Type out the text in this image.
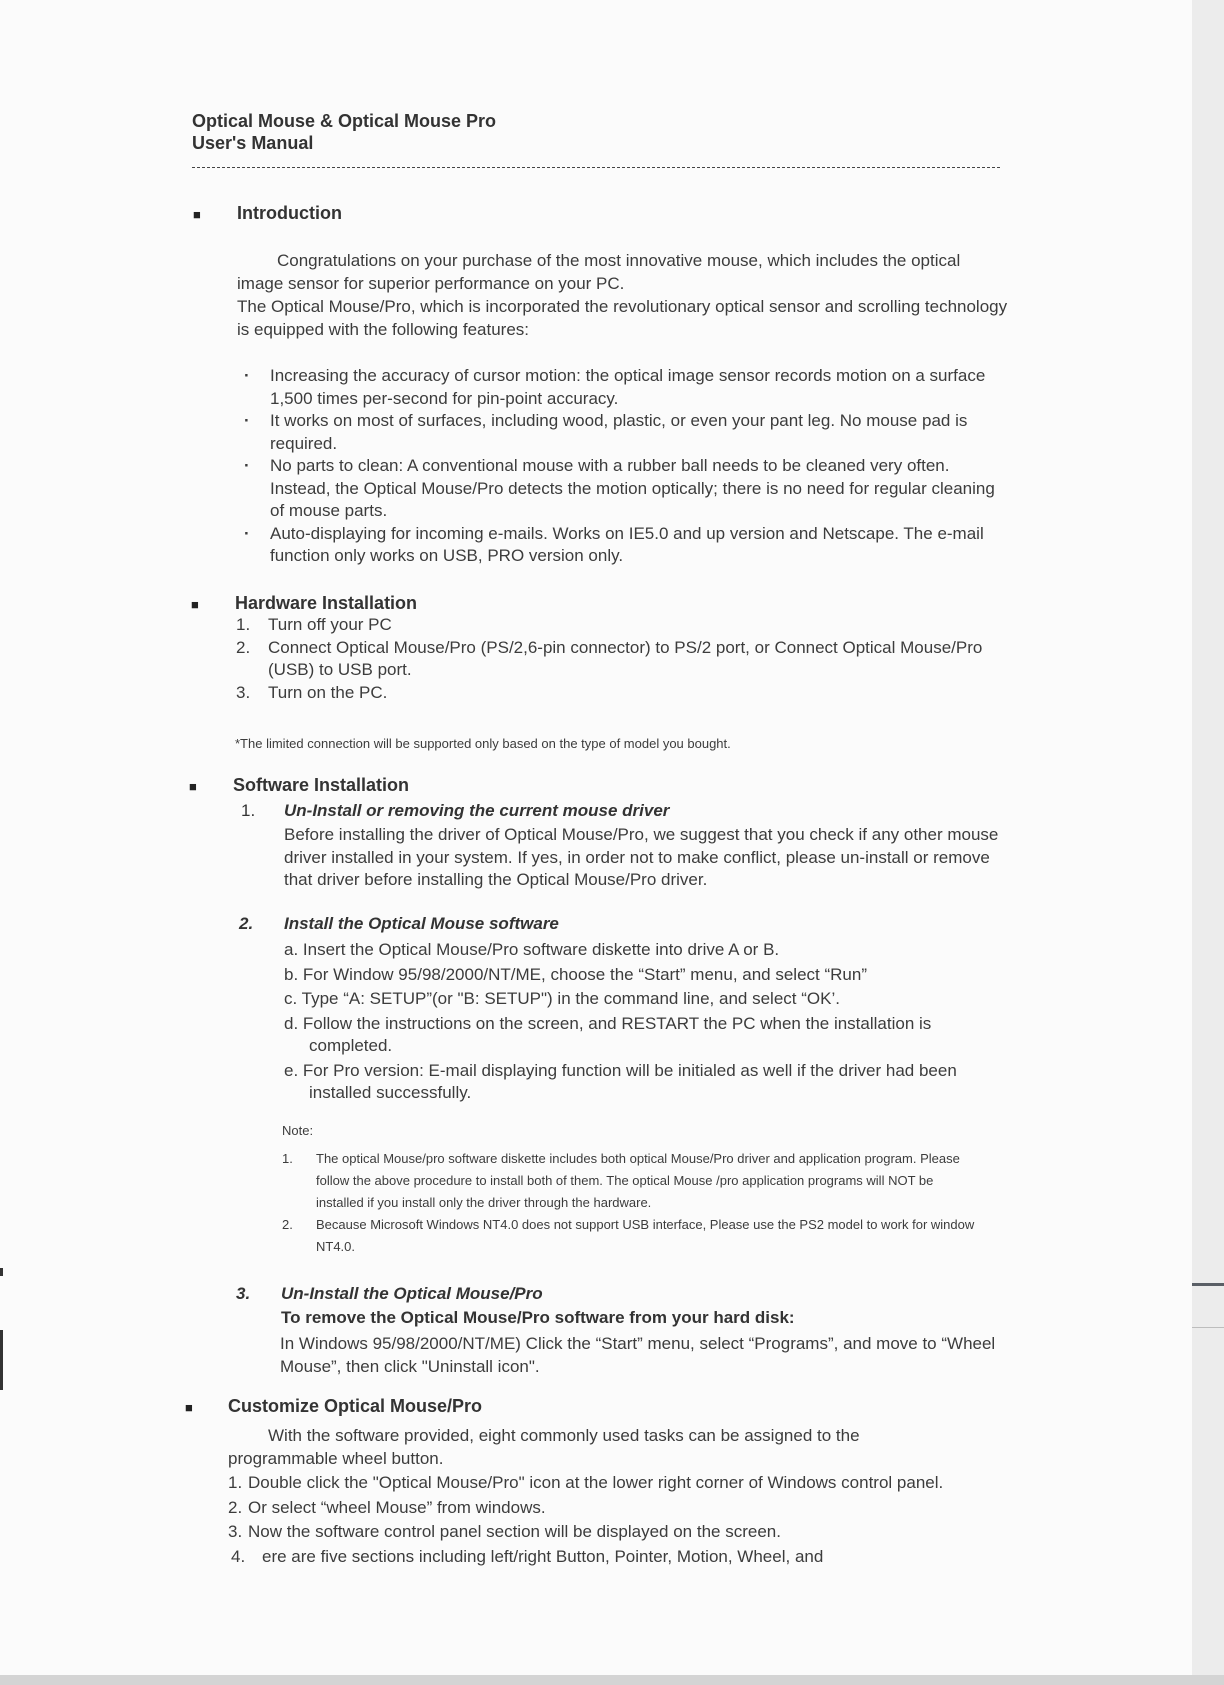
Optical Mouse & Optical Mouse Pro
User's Manual
■ Introduction
Congratulations on your purchase of the most innovative mouse, which includes the optical image sensor for superior performance on your PC.
The Optical Mouse/Pro, which is incorporated the revolutionary optical sensor and scrolling technology is equipped with the following features:
· Increasing the accuracy of cursor motion: the optical image sensor records motion on a surface 1,500 times per-second for pin-point accuracy.
· It works on most of surfaces, including wood, plastic, or even your pant leg. No mouse pad is required.
· No parts to clean: A conventional mouse with a rubber ball needs to be cleaned very often. Instead, the Optical Mouse/Pro detects the motion optically; there is no need for regular cleaning of mouse parts.
· Auto-displaying for incoming e-mails. Works on IE5.0 and up version and Netscape. The e-mail function only works on USB, PRO version only.
■ Hardware Installation
1. Turn off your PC
2. Connect Optical Mouse/Pro (PS/2,6-pin connector) to PS/2 port, or Connect Optical Mouse/Pro (USB) to USB port.
3. Turn on the PC.
*The limited connection will be supported only based on the type of model you bought.
■ Software Installation
1. Un-Install or removing the current mouse driver
Before installing the driver of Optical Mouse/Pro, we suggest that you check if any other mouse driver installed in your system. If yes, in order not to make conflict, please un-install or remove that driver before installing the Optical Mouse/Pro driver.
2. Install the Optical Mouse software
a. Insert the Optical Mouse/Pro software diskette into drive A or B.
b. For Window 95/98/2000/NT/ME, choose the “Start” menu, and select “Run”
c. Type “A: SETUP”(or "B: SETUP") in the command line, and select “OK’.
d. Follow the instructions on the screen, and RESTART the PC when the installation is completed.
e. For Pro version: E-mail displaying function will be initialed as well if the driver had been installed successfully.
Note:
1. The optical Mouse/pro software diskette includes both optical Mouse/Pro driver and application program. Please follow the above procedure to install both of them. The optical Mouse /pro application programs will NOT be installed if you install only the driver through the hardware.
2. Because Microsoft Windows NT4.0 does not support USB interface, Please use the PS2 model to work for window NT4.0.
3. Un-Install the Optical Mouse/Pro
To remove the Optical Mouse/Pro software from your hard disk:
In Windows 95/98/2000/NT/ME) Click the “Start” menu, select “Programs”, and move to “Wheel Mouse”, then click "Uninstall icon".
■ Customize Optical Mouse/Pro
With the software provided, eight commonly used tasks can be assigned to the programmable wheel button.
1. Double click the "Optical Mouse/Pro" icon at the lower right corner of Windows control panel.
2. Or select “wheel Mouse” from windows.
3. Now the software control panel section will be displayed on the screen.
4. ere are five sections including left/right Button, Pointer, Motion, Wheel, and
